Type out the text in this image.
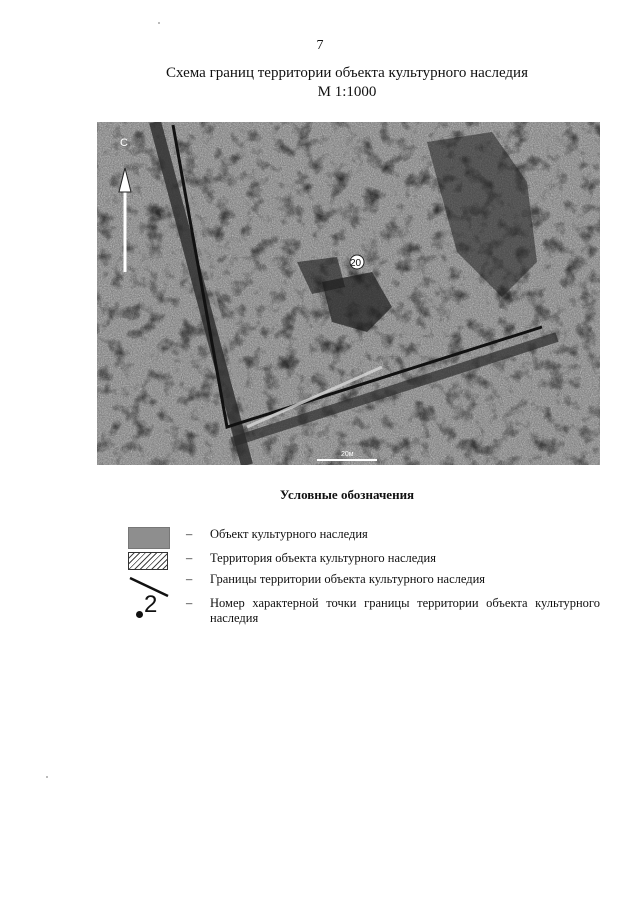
7
Схема границ территории объекта культурного наследия
М 1:1000
С
20
20м
Условные обозначения
– Объект культурного наследия
– Территория объекта культурного наследия
– Границы территории объекта культурного наследия
2 – Номер характерной точки границы территории объекта культурного наследия
